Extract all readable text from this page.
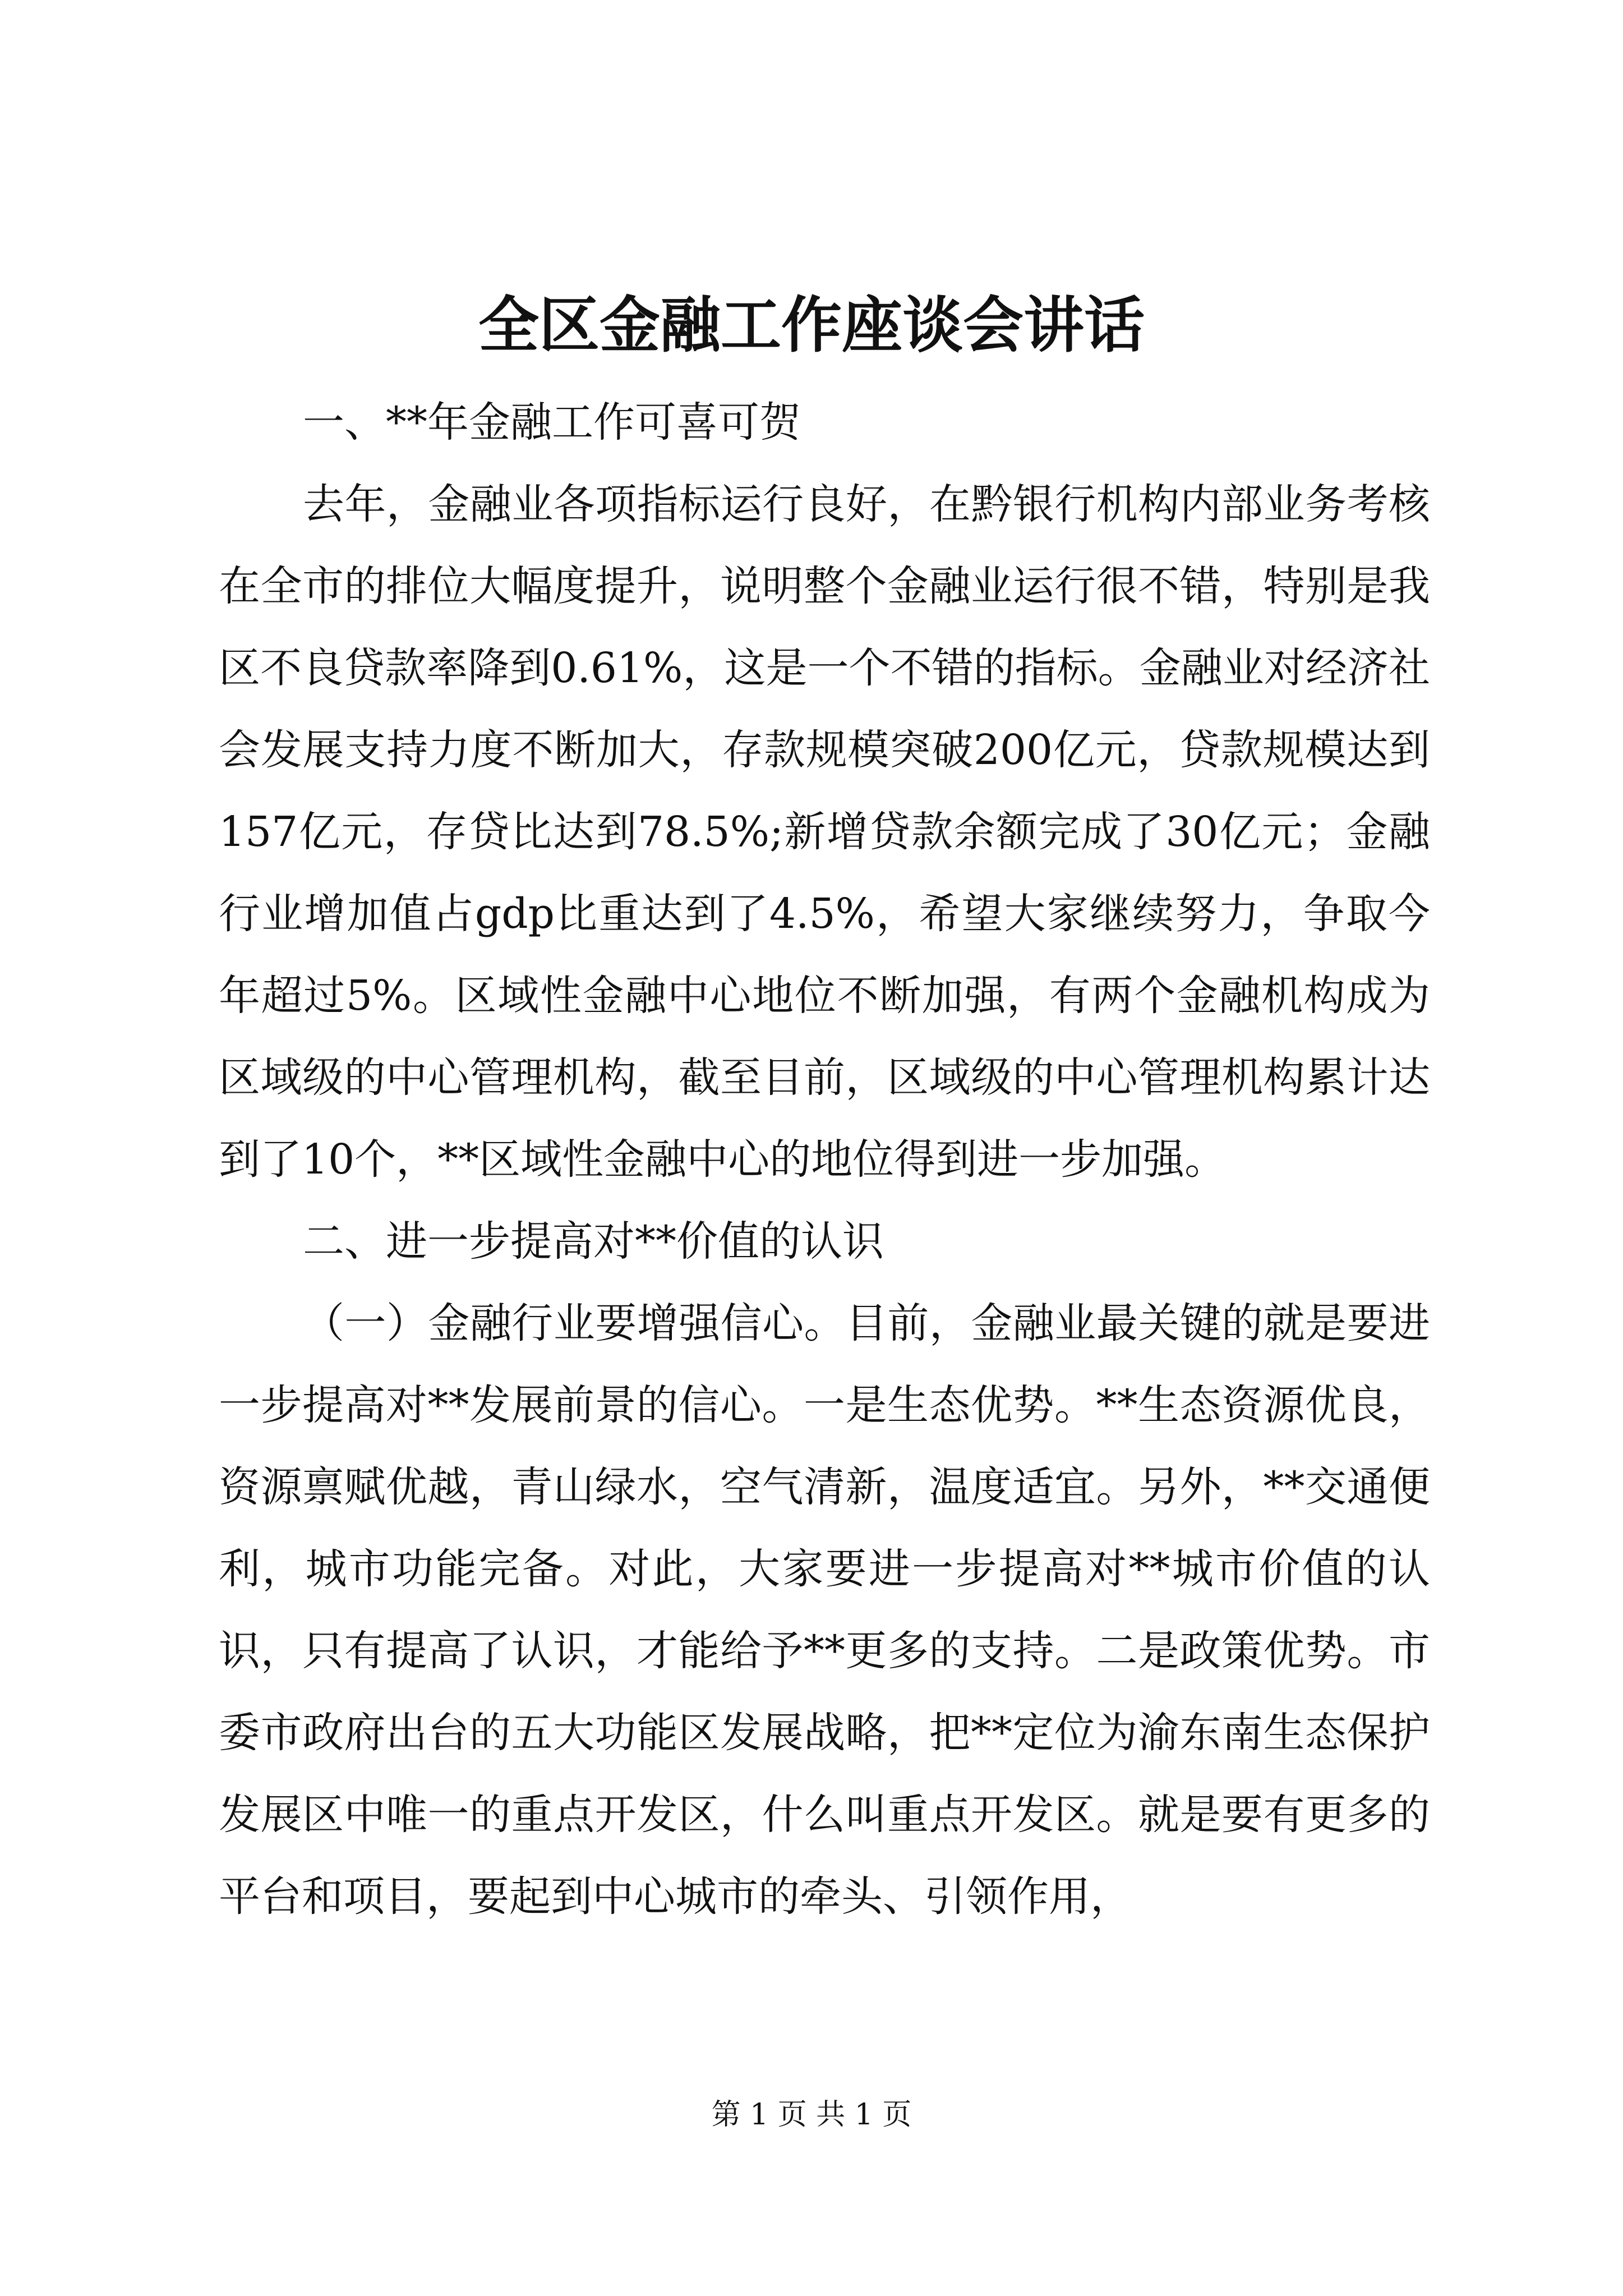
全区金融工作座谈会讲话

一、**年金融工作可喜可贺

去年，金融业各项指标运行良好，在黔银行机构内部业务考核在全市的排位大幅度提升，说明整个金融业运行很不错，特别是我区不良贷款率降到0.61%，这是一个不错的指标。金融业对经济社会发展支持力度不断加大，存款规模突破200亿元，贷款规模达到157亿元，存贷比达到78.5%;新增贷款余额完成了30亿元；金融行业增加值占gdp比重达到了4.5%，希望大家继续努力，争取今年超过5%。区域性金融中心地位不断加强，有两个金融机构成为区域级的中心管理机构，截至目前，区域级的中心管理机构累计达到了10个，**区域性金融中心的地位得到进一步加强。

二、进一步提高对**价值的认识

（一）金融行业要增强信心。目前，金融业最关键的就是要进一步提高对**发展前景的信心。一是生态优势。**生态资源优良，资源禀赋优越，青山绿水，空气清新，温度适宜。另外，**交通便利，城市功能完备。对此，大家要进一步提高对**城市价值的认识，只有提高了认识，才能给予**更多的支持。二是政策优势。市委市政府出台的五大功能区发展战略，把**定位为渝东南生态保护发展区中唯一的重点开发区，什么叫重点开发区。就是要有更多的平台和项目，要起到中心城市的牵头、引领作用，

第 1 页 共 1 页
